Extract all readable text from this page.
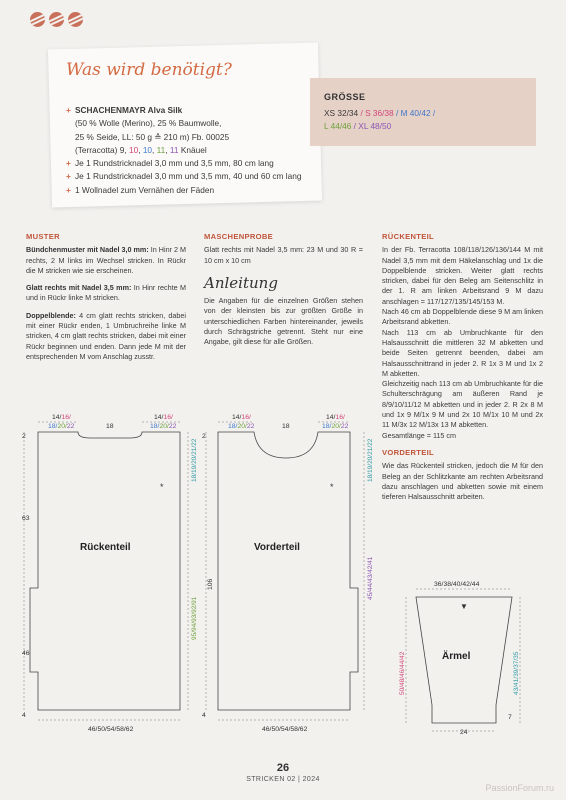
Was wird benötigt?
+ SCHACHENMAYR Alva Silk
(50 % Wolle (Merino), 25 % Baumwolle,
25 % Seide, LL: 50 g ≙ 210 m) Fb. 00025
(Terracotta) 9, 10, 10, 11, 11 Knäuel
+ Je 1 Rundstricknadel 3,0 mm und 3,5 mm, 80 cm lang
+ Je 1 Rundstricknadel 3,0 mm und 3,5 mm, 40 und 60 cm lang
+ 1 Wollnadel zum Vernähen der Fäden
GRÖSSE
XS 32/34 / S 36/38 / M 40/42 /
L 44/46 / XL 48/50
MUSTER

Bündchenmuster mit Nadel 3,0 mm: In Hinr 2 M rechts, 2 M links im Wechsel stricken. In Rückr die M stricken wie sie erscheinen.

Glatt rechts mit Nadel 3,5 mm: In Hinr rechte M und in Rückr linke M stricken.

Doppelblende: 4 cm glatt rechts stricken, dabei mit einer Rückr enden, 1 Umbruchreihe linke M stricken, 4 cm glatt rechts stricken, dabei mit einer Rückr beginnen und enden. Dann jede M mit der entsprechenden M vom Anschlag zusstr.

MASCHENPROBE

Glatt rechts mit Nadel 3,5 mm: 23 M und 30 R = 10 cm x 10 cm

Anleitung

Die Angaben für die einzelnen Größen stehen von der kleinsten bis zur größten Größe in unterschiedlichen Farben hintereinander, jeweils durch Schrägstriche getrennt. Steht nur eine Angabe, gilt diese für alle Größen.

RÜCKENTEIL

In der Fb. Terracotta 108/118/126/136/144 M mit Nadel 3,5 mm mit dem Häkelanschlag und 1x die Doppelblende stricken. Weiter glatt rechts stricken, dabei für den Beleg am Seitenschlitz in der 1. R am linken Arbeitsrand 9 M dazu anschlagen = 117/127/135/145/153 M.

Nach 46 cm ab Doppelblende diese 9 M am linken Arbeitsrand abketten.

Nach 113 cm ab Umbruchkante für den Halsausschnitt die mittleren 32 M abketten und beide Seiten getrennt beenden, dabei am Halsausschnittrand in jeder 2. R 1x 3 M und 1x 2 M abketten.

Gleichzeitig nach 113 cm ab Umbruchkante für die Schulterschrägung am äußeren Rand je 8/9/10/11/12 M abketten und in jeder 2. R 2x 8 M und 1x 9 M/1x 9 M und 2x 10 M/1x 10 M und 2x 11 M/3x 12 M/13x 13 M abketten.

Gesamtlänge = 115 cm

VORDERTEIL

Wie das Rückenteil stricken, jedoch die M für den Beleg an der Schlitzkante am rechten Arbeitsrand dazu anschlagen und abketten sowie mit einem tieferen Halsausschnitt arbeiten.

14/16/
18/20/22	18
14/16/
18/20/22
2
63
46
4
Rückenteil
*
18/19/20/21/22
95/94/93/92/91
46/50/54/58/62
14/16/
18/20/22	18
14/16/
18/20/22
2
106
4
Vorderteil
*
18/19/20/21/22
45/44/43/42/41
46/50/54/58/62
36/38/40/42/44
▼
Ärmel
50/48/46/44/42	43/41/39/37/35
7
24
26
STRICKEN 02 | 2024
PassionForum.ru
